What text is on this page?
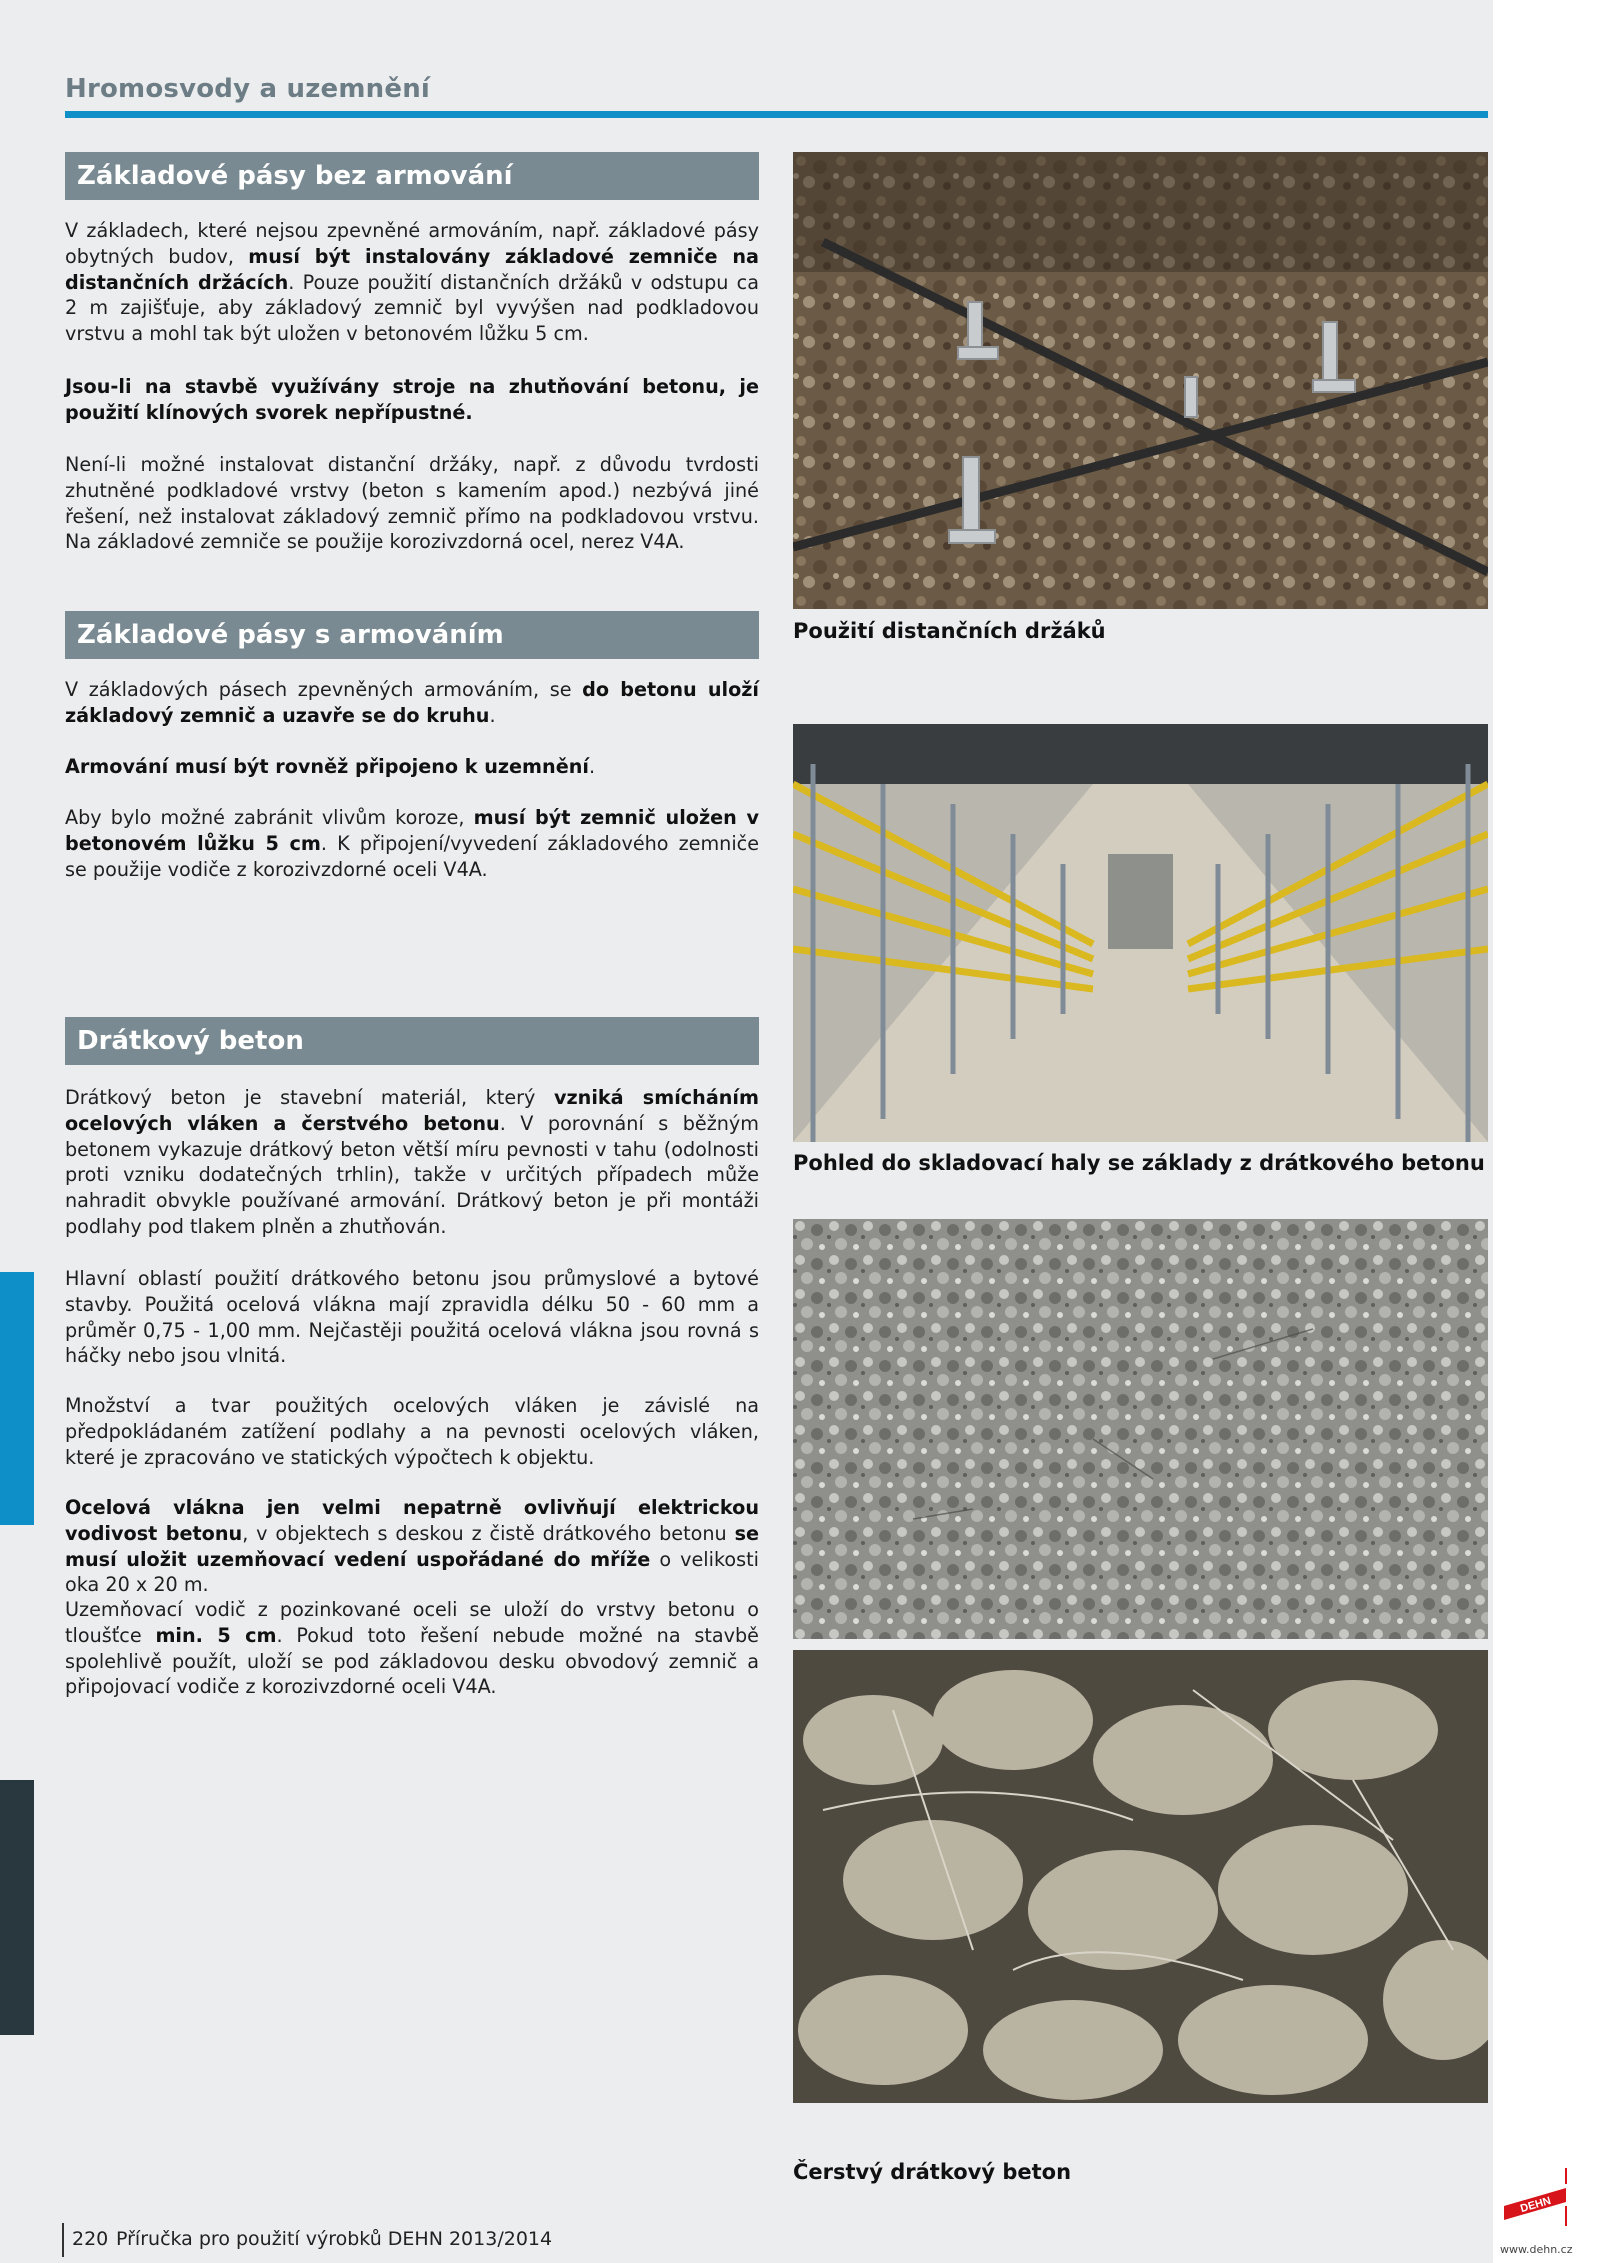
Hromosvody a uzemnění
Základové pásy bez armování
V základech, které nejsou zpevněné armováním, např. základové pásy obytných budov, musí být instalovány základové zemniče na distančních držácích. Pouze použití distančních držáků v odstupu ca 2 m zajišťuje, aby základový zemnič byl vyvýšen nad podkladovou vrstvu a mohl tak být uložen v betonovém lůžku 5 cm.
Jsou-li na stavbě využívány stroje na zhutňování betonu, je použití klínových svorek nepřípustné.
Není-li možné instalovat distanční držáky, např. z důvodu tvrdosti zhutněné podkladové vrstvy (beton s kamením apod.) nezbývá jiné řešení, než instalovat základový zemnič přímo na podkladovou vrstvu. Na základové zemniče se použije korozivzdorná ocel, nerez V4A.
Základové pásy s armováním
V základových pásech zpevněných armováním, se do betonu uloží základový zemnič a uzavře se do kruhu.
Armování musí být rovněž připojeno k uzemnění.
Aby bylo možné zabránit vlivům koroze, musí být zemnič uložen v betonovém lůžku 5 cm. K připojení/vyvedení základového zemniče se použije vodiče z korozivzdorné oceli V4A.
Drátkový beton
Drátkový beton je stavební materiál, který vzniká smícháním ocelových vláken a čerstvého betonu. V porovnání s běžným betonem vykazuje drátkový beton větší míru pevnosti v tahu (odolnosti proti vzniku dodatečných trhlin), takže v určitých případech může nahradit obvykle používané armování. Drátkový beton je při montáži podlahy pod tlakem plněn a zhutňován.
Hlavní oblastí použití drátkového betonu jsou průmyslové a bytové stavby. Použitá ocelová vlákna mají zpravidla délku 50 - 60 mm a průměr 0,75 - 1,00 mm. Nejčastěji použitá ocelová vlákna jsou rovná s háčky nebo jsou vlnitá.
Množství a tvar použitých ocelových vláken je závislé na předpokládaném zatížení podlahy a na pevnosti ocelových vláken, které je zpracováno ve statických výpočtech k objektu.
Ocelová vlákna jen velmi nepatrně ovlivňují elektrickou vodivost betonu, v objektech s deskou z čistě drátkového betonu se musí uložit uzemňovací vedení uspořádané do mříže o velikosti oka 20 x 20 m.
Uzemňovací vodič z pozinkované oceli se uloží do vrstvy betonu o tloušťce min. 5 cm. Pokud toto řešení nebude možné na stavbě spolehlivě použít, uloží se pod základovou desku obvodový zemnič a připojovací vodiče z korozivzdorné oceli V4A.
Použití distančních držáků
Pohled do skladovací haly se základy z drátkového betonu
Čerstvý drátkový beton
220 Příručka pro použití výrobků DEHN 2013/2014
DEHN
www.dehn.cz
